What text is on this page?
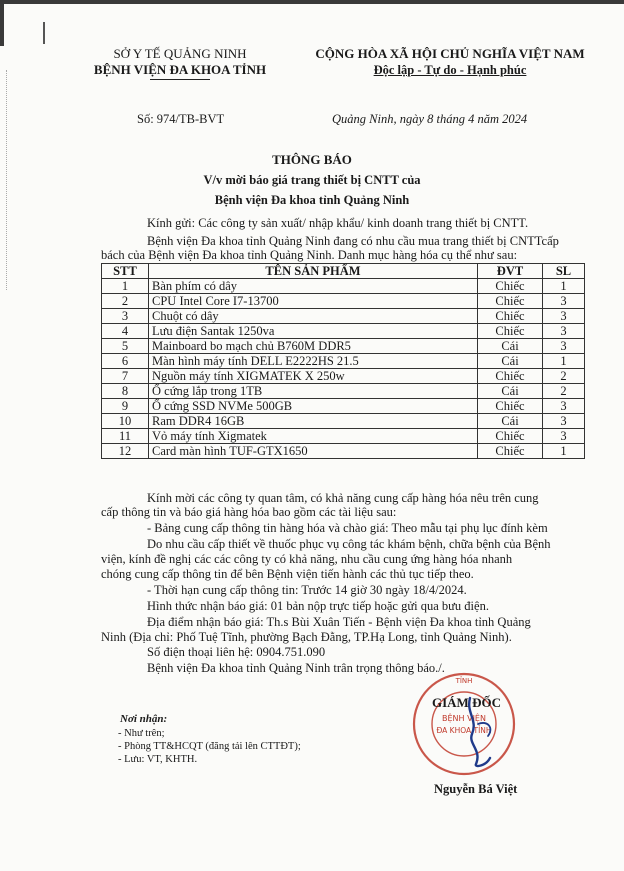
SỞ Y TẾ QUẢNG NINH
BỆNH VIỆN ĐA KHOA TỈNH
CỘNG HÒA XÃ HỘI CHỦ NGHĨA VIỆT NAM
Độc lập - Tự do - Hạnh phúc
Số: 974/TB-BVT	Quảng Ninh, ngày 8 tháng 4 năm 2024
THÔNG BÁO
V/v mời báo giá trang thiết bị CNTT của
Bệnh viện Đa khoa tỉnh Quảng Ninh
Kính gửi: Các công ty sản xuất/ nhập khẩu/ kinh doanh trang thiết bị CNTT.
Bệnh viện Đa khoa tỉnh Quảng Ninh đang có nhu cầu mua trang thiết bị CNTTcấp
bách của Bệnh viện Đa khoa tỉnh Quảng Ninh. Danh mục hàng hóa cụ thể như sau:
STT	TÊN SẢN PHẨM	ĐVT	SL
1	Bàn phím có dây	Chiếc	1
2	CPU Intel Core I7-13700	Chiếc	3
3	Chuột có dây	Chiếc	3
4	Lưu điện Santak 1250va	Chiếc	3
5	Mainboard bo mạch chủ B760M DDR5	Cái	3
6	Màn hình máy tính DELL E2222HS 21.5	Cái	1
7	Nguồn máy tính XIGMATEK X 250w	Chiếc	2
8	Ổ cứng lắp trong 1TB	Cái	2
9	Ổ cứng SSD NVMe 500GB	Chiếc	3
10	Ram DDR4 16GB	Cái	3
11	Vỏ máy tính Xigmatek	Chiếc	3
12	Card màn hình TUF-GTX1650	Chiếc	1
Kính mời các công ty quan tâm, có khả năng cung cấp hàng hóa nêu trên cung
cấp thông tin và báo giá hàng hóa bao gồm các tài liệu sau:
- Bảng cung cấp thông tin hàng hóa và chào giá: Theo mẫu tại phụ lục đính kèm
Do nhu cầu cấp thiết về thuốc phục vụ công tác khám bệnh, chữa bệnh của Bệnh
viện, kính đề nghị các các công ty có khả năng, nhu cầu cung ứng hàng hóa nhanh
chóng cung cấp thông tin để bên Bệnh viện tiến hành các thủ tục tiếp theo.
- Thời hạn cung cấp thông tin: Trước 14 giờ 30 ngày 18/4/2024.
Hình thức nhận báo giá: 01 bản nộp trực tiếp hoặc gửi qua bưu điện.
Địa điểm nhận báo giá: Th.s Bùi Xuân Tiến - Bệnh viện Đa khoa tỉnh Quảng
Ninh (Địa chỉ: Phố Tuệ Tĩnh, phường Bạch Đằng, TP.Hạ Long, tỉnh Quảng Ninh).
Số điện thoại liên hệ: 0904.751.090
Bệnh viện Đa khoa tỉnh Quảng Ninh trân trọng thông báo./.
Nơi nhận:
- Như trên;
- Phòng TT&HCQT (đăng tải lên CTTĐT);
- Lưu: VT, KHTH.
TỈNH
BỆNH VIỆN
ĐA KHOA TỈNH
GIÁM ĐỐC
Nguyễn Bá Việt
